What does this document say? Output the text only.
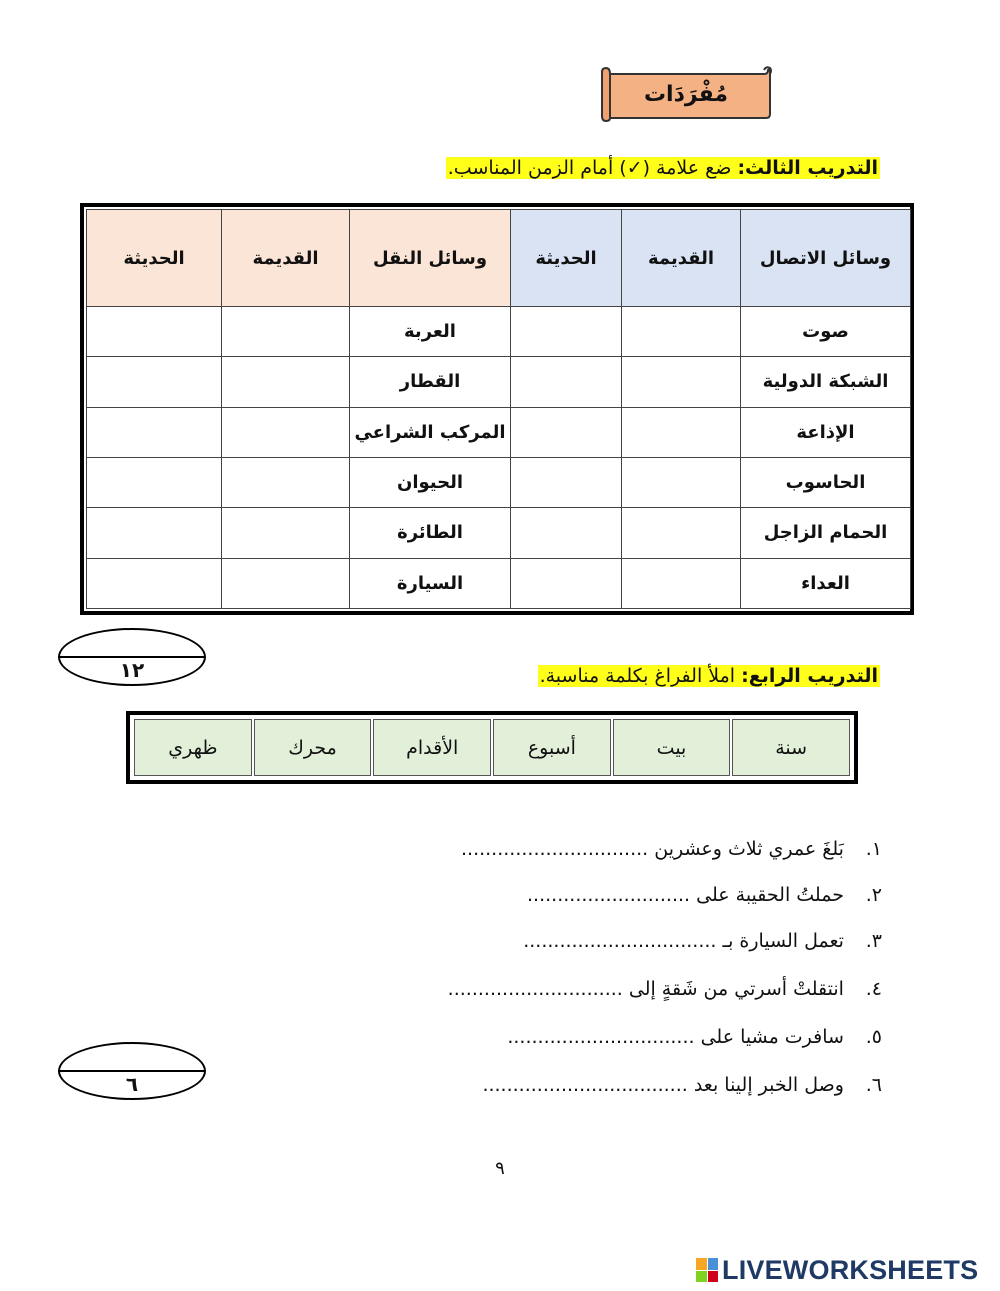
مُفْرَدَات
التدريب الثالث: ضع علامة (✓) أمام الزمن المناسب.
وسائل الاتصال	القديمة	الحديثة	وسائل النقل	القديمة	الحديثة
صوت			العربة		
الشبكة الدولية			القطار		
الإذاعة			المركب الشراعي		
الحاسوب			الحيوان		
الحمام الزاجل			الطائرة		
العداء			السيارة		
١٢	التدريب الرابع: املأ الفراغ بكلمة مناسبة.
سنة	بيت	أسبوع	الأقدام	محرك	ظهري
١. بَلغَ عمري ثلاث وعشرين ...............................
٢. حملتُ الحقيبة على ...........................
٣. تعمل السيارة بـ ................................
٤. انتقلتْ أسرتي من شَقةٍ إلى .............................
٥. سافرت مشيا على ...............................
٦. وصل الخبر إلينا بعد ..................................
٦
٩
LIVEWORKSHEETS
